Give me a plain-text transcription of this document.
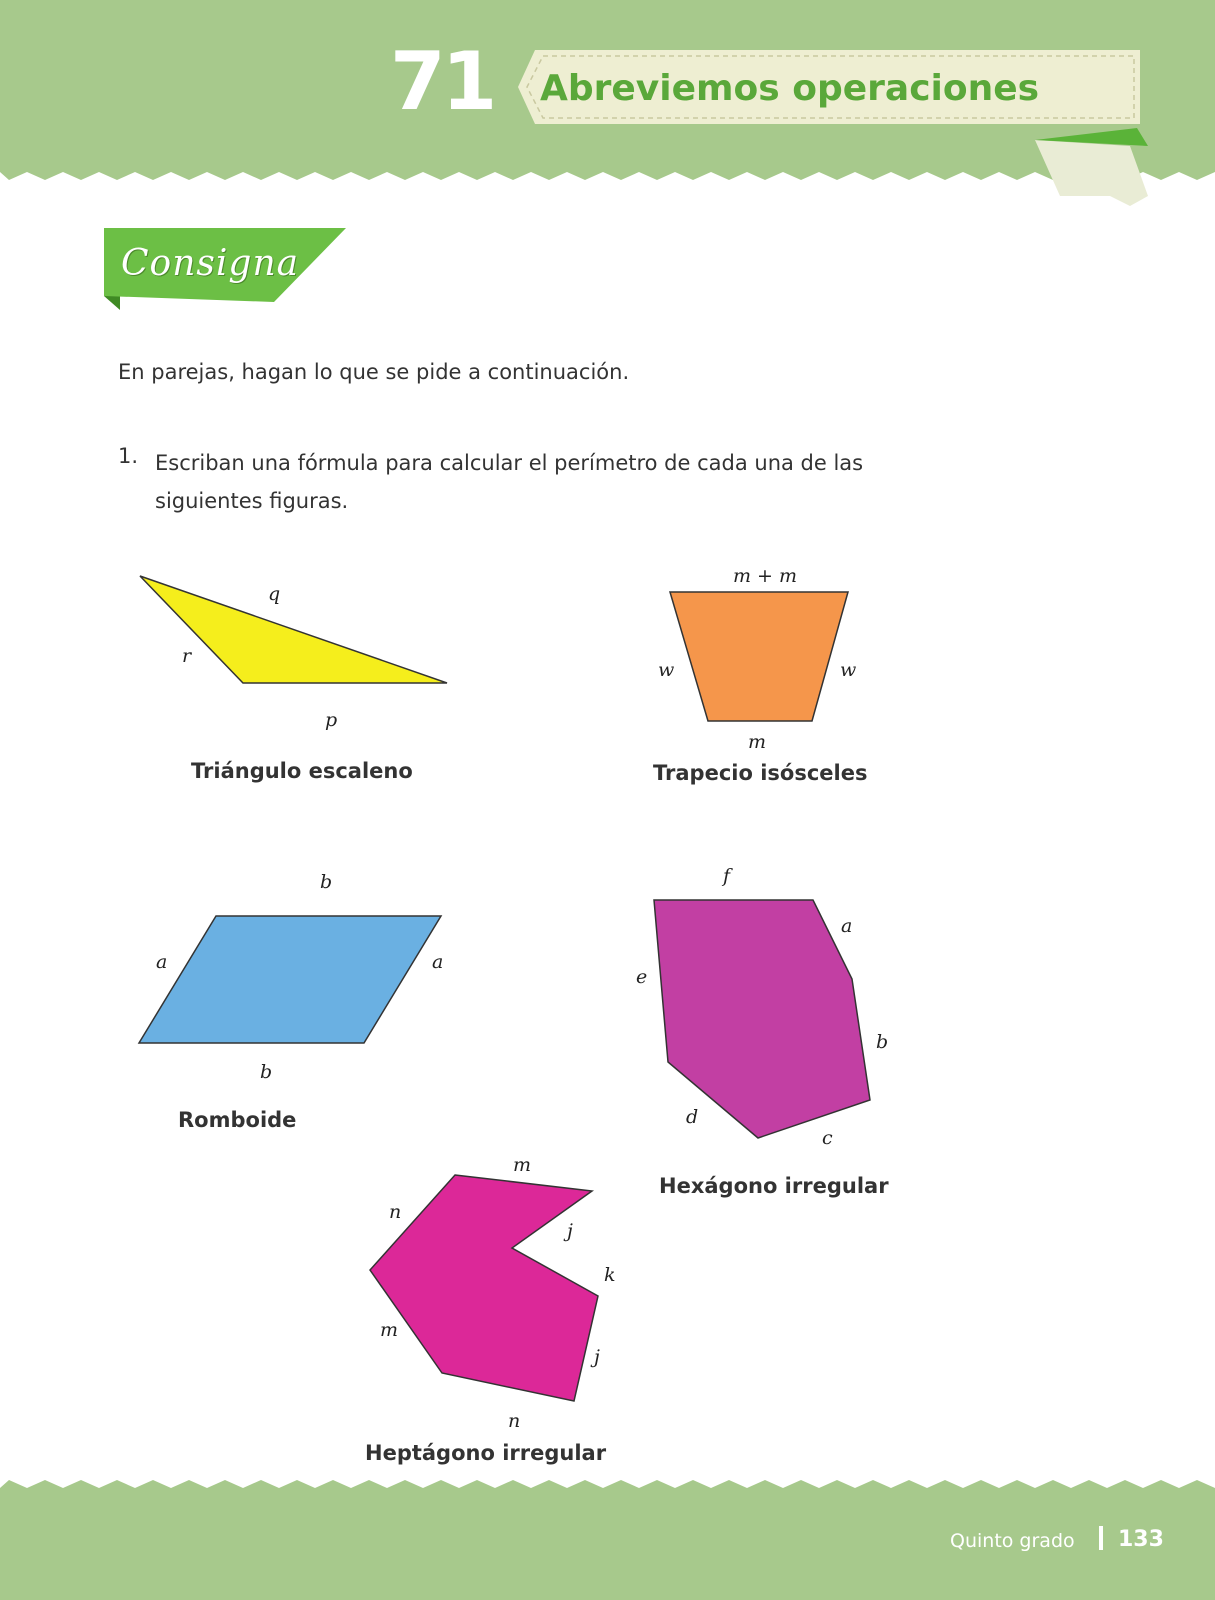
q
r
p
m + m
w	w
m
b
a	a
b
f
a
e
b
d
c
m
n
j
k
m
j
n
71 Abreviemos operaciones
Consigna
En parejas, hagan lo que se pide a continuación.
1. Escriban una fórmula para calcular el perímetro de cada una de las siguientes figuras.
Triángulo escaleno	Trapecio isósceles
Romboide
Hexágono irregular
Heptágono irregular
Quinto grado 133
